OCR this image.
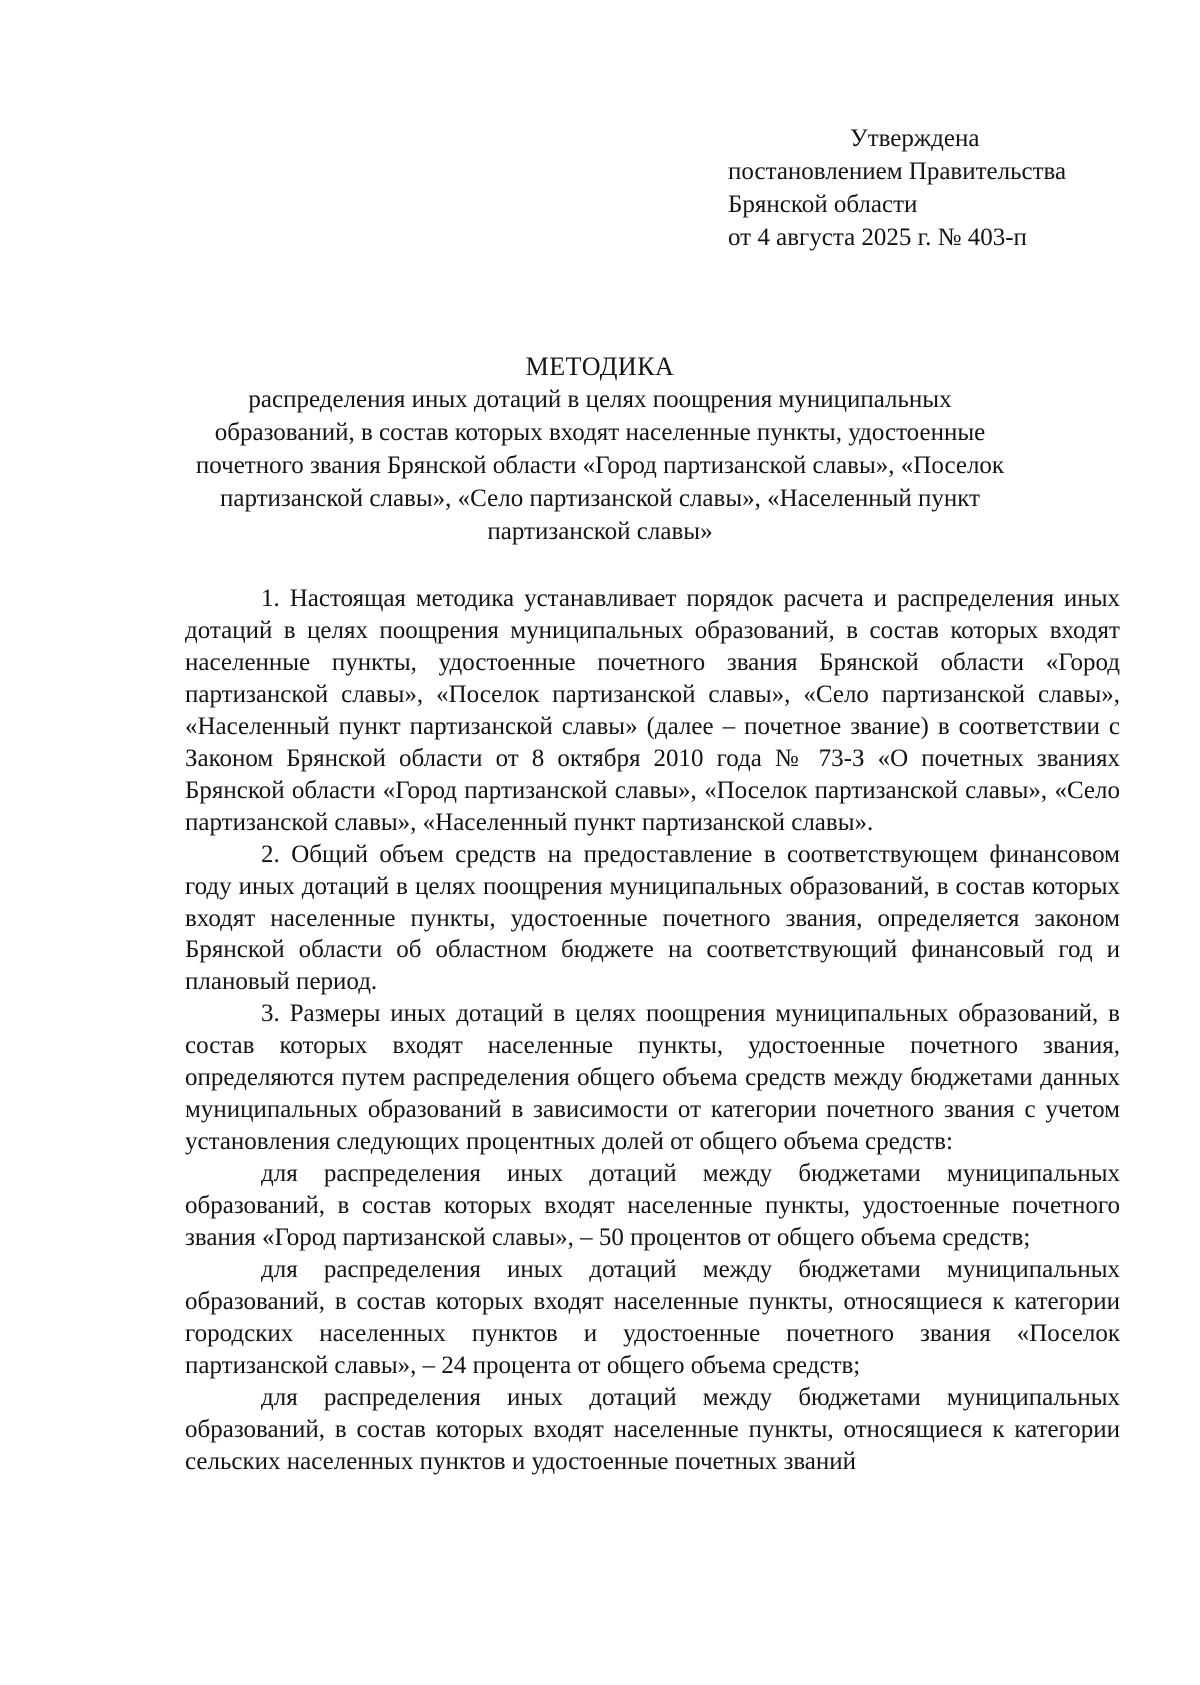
Утверждена
постановлением Правительства
Брянской области
от 4 августа 2025 г. № 403-п
МЕТОДИКА
распределения иных дотаций в целях поощрения муниципальных
образований, в состав которых входят населенные пункты, удостоенные
почетного звания Брянской области «Город партизанской славы», «Поселок
партизанской славы», «Село партизанской славы», «Населенный пункт
партизанской славы»

1. Настоящая методика устанавливает порядок расчета и распределения иных дотаций в целях поощрения муниципальных образований, в состав которых входят населенные пункты, удостоенные почетного звания Брянской области «Город партизанской славы», «Поселок партизанской славы», «Село партизанской славы», «Населенный пункт партизанской славы» (далее – почетное звание) в соответствии с Законом Брянской области от 8 октября 2010 года № 73-З «О почетных званиях Брянской области «Город партизанской славы», «Поселок партизанской славы», «Село партизанской славы», «Населенный пункт партизанской славы».

2. Общий объем средств на предоставление в соответствующем финансовом году иных дотаций в целях поощрения муниципальных образований, в состав которых входят населенные пункты, удостоенные почетного звания, определяется законом Брянской области об областном бюджете на соответствующий финансовый год и плановый период.

3. Размеры иных дотаций в целях поощрения муниципальных образований, в состав которых входят населенные пункты, удостоенные почетного звания, определяются путем распределения общего объема средств между бюджетами данных муниципальных образований в зависимости от категории почетного звания с учетом установления следующих процентных долей от общего объема средств:

для распределения иных дотаций между бюджетами муниципальных образований, в состав которых входят населенные пункты, удостоенные почетного звания «Город партизанской славы», – 50 процентов от общего объема средств;

для распределения иных дотаций между бюджетами муниципальных образований, в состав которых входят населенные пункты, относящиеся к категории городских населенных пунктов и удостоенные почетного звания «Поселок партизанской славы», – 24 процента от общего объема средств;

для распределения иных дотаций между бюджетами муниципальных образований, в состав которых входят населенные пункты, относящиеся к категории сельских населенных пунктов и удостоенные почетных званий
